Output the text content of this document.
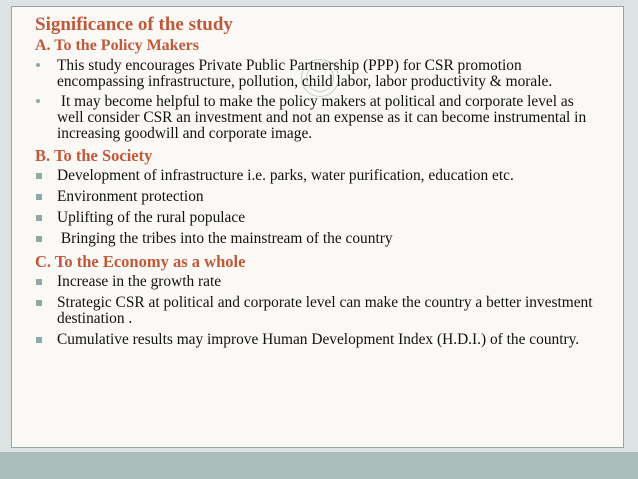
Significance of the study
A. To the Policy Makers
This study encourages Private Public Partnership (PPP) for CSR promotion encompassing infrastructure, pollution, child labor, labor productivity & morale.
It may become helpful to make the policy makers at political and corporate level as well consider CSR an investment and not an expense as it can become instrumental in increasing goodwill and corporate image.
B. To the Society
Development of infrastructure i.e. parks, water purification, education etc.
Environment protection
Uplifting of the rural populace
Bringing the tribes into the mainstream of the country
C. To the Economy as a whole
Increase in the growth rate
Strategic CSR at political and corporate level can make the country a better investment destination .
Cumulative results may improve Human Development Index (H.D.I.) of the country.
